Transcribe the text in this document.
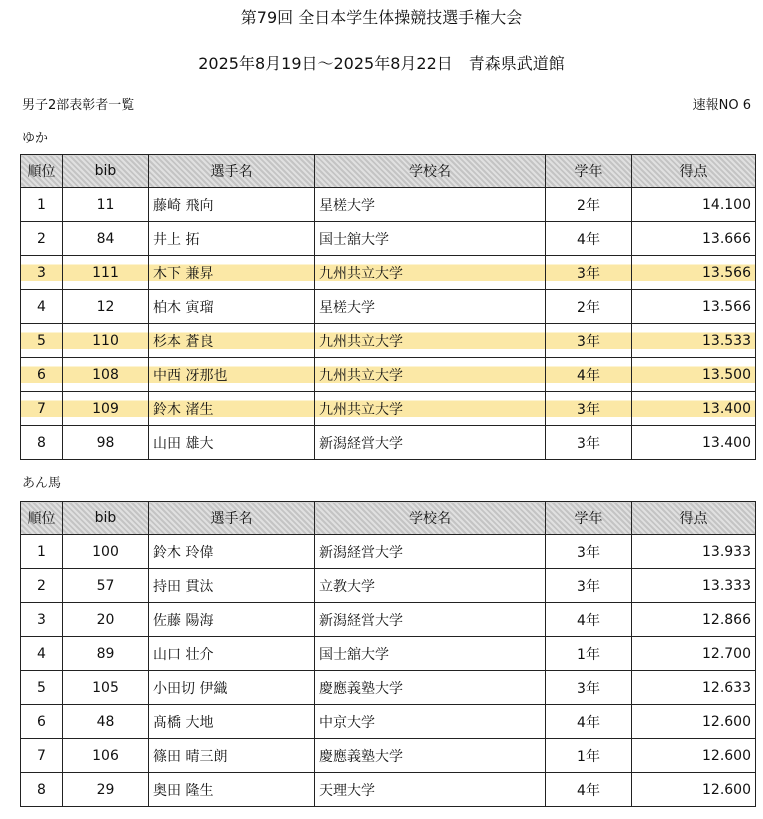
第79回 全日本学生体操競技選手権大会
2025年8月19日～2025年8月22日　青森県武道館
男子2部表彰者一覧	速報NO 6
ゆか
順位	bib	選手名	学校名	学年	得点
1	11	藤崎 飛向	星槎大学	2年	14.100
2	84	井上 拓	国士舘大学	4年	13.666
3	111	木下 兼昇	九州共立大学	3年	13.566
4	12	柏木 寅瑠	星槎大学	2年	13.566
5	110	杉本 蒼良	九州共立大学	3年	13.533
6	108	中西 冴那也	九州共立大学	4年	13.500
7	109	鈴木 渚生	九州共立大学	3年	13.400
8	98	山田 雄大	新潟経営大学	3年	13.400
あん馬
順位	bib	選手名	学校名	学年	得点
1	100	鈴木 玲偉	新潟経営大学	3年	13.933
2	57	持田 貫汰	立教大学	3年	13.333
3	20	佐藤 陽海	新潟経営大学	4年	12.866
4	89	山口 壮介	国士舘大学	1年	12.700
5	105	小田切 伊織	慶應義塾大学	3年	12.633
6	48	髙橋 大地	中京大学	4年	12.600
7	106	篠田 晴三朗	慶應義塾大学	1年	12.600
8	29	奥田 隆生	天理大学	4年	12.600
